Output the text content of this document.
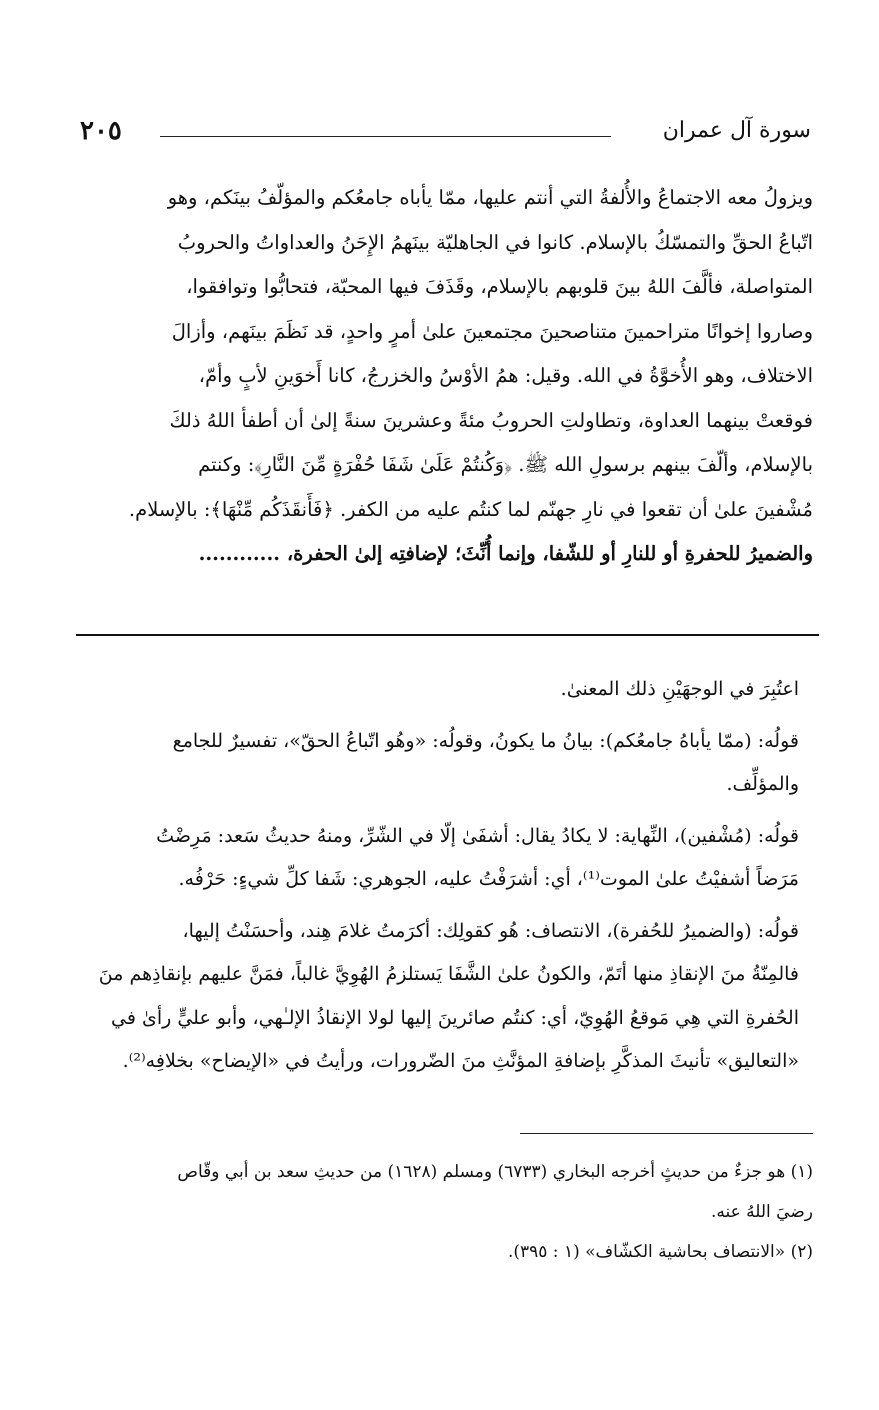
سورة آل عمران
٢٠٥

ويزولُ معه الاجتماعُ والأُلفةُ التي أنتم عليها، ممّا يأباه جامعُكم والمؤلّفُ بينَكم، وهو
اتّباعُ الحقِّ والتمسّكُ بالإسلام. كانوا في الجاهليّة بينَهمُ الإِحَنُ والعداواتُ والحروبُ
المتواصلة، فألَّفَ اللهُ بينَ قلوبهم بالإسلام، وقَذَفَ فيها المحبّة، فتحابُّوا وتوافقوا،
وصاروا إخوانًا متراحمينَ متناصحينَ مجتمعينَ علىٰ أمرٍ واحدٍ، قد نَظَمَ بينَهم، وأزالَ
الاختلاف، وهو الأُخوَّةُ في الله. وقيل: همُ الأوْسُ والخزرجُ، كانا أَخوَينِ لأبٍ وأمّ،
فوقعتْ بينهما العداوة، وتطاولتِ الحروبُ مئةً وعشرينَ سنةً إلىٰ أن أطفأ اللهُ ذلكَ
بالإسلام، وألّفَ بينهم برسولِ الله ﷺ. ﴿وَكُنتُمْ عَلَىٰ شَفَا حُفْرَةٍ مِّنَ النَّارِ﴾: وكنتم
مُشْفينَ علىٰ أن تقعوا في نارِ جهنّم لما كنتُم عليه من الكفر. ﴿فَأَنقَذَكُم مِّنْهَا﴾: بالإسلام.
والضميرُ للحفرةِ أو للنارِ أو للشّفا، وإنما أُنِّثَ؛ لإضافتِه إلىٰ الحفرة، ............

اعتُبِرَ في الوجهَيْنِ ذلك المعنىٰ.

قولُه: (ممّا يأباهُ جامعُكم): بيانُ ما يكونُ، وقولُه: «وهُو اتّباعُ الحقّ»، تفسيرٌ للجامع
والمؤلِّف.

قولُه: (مُشْفين)، النِّهاية: لا يكادُ يقال: أشفَىٰ إلّا في الشّرِّ، ومنهُ حديثُ سَعد: مَرِضْتُ
مَرَضاً أشفيْتُ علىٰ الموت⁽¹⁾، أي: أشرَفْتُ عليه، الجوهري: شَفا كلِّ شيءٍ: حَرْفُه.

قولُه: (والضميرُ للحُفرة)، الانتصاف: هُو كقولِك: أكرَمتُ غلامَ هِند، وأحسَنْتُ إليها،
فالمِنّةُ منَ الإنقاذِ منها أتَمّ، والكونُ علىٰ الشَّفَا يَستلزمُ الهُوِيَّ غالباً، فمَنَّ عليهم بإنقاذِهم منَ
الحُفرةِ التي هِي مَوقعُ الهُوِيّ، أي: كنتُم صائرينَ إليها لولا الإنقاذُ الإلـٰهي، وأبو عليٍّ رأىٰ في
«التعاليق» تأنيثَ المذكَّرِ بإضافةِ المؤنَّثِ منَ الضّرورات، ورأيتُ في «الإيضاح» بخلافِه⁽²⁾.

(١) هو جزءٌ من حديثٍ أخرجه البخاري (٦٧٣٣) ومسلم (١٦٢٨) من حديثِ سعد بن أبي وقّاص
رضيَ اللهُ عنه.

(٢) «الانتصاف بحاشية الكشّاف» (١ : ٣٩٥).
